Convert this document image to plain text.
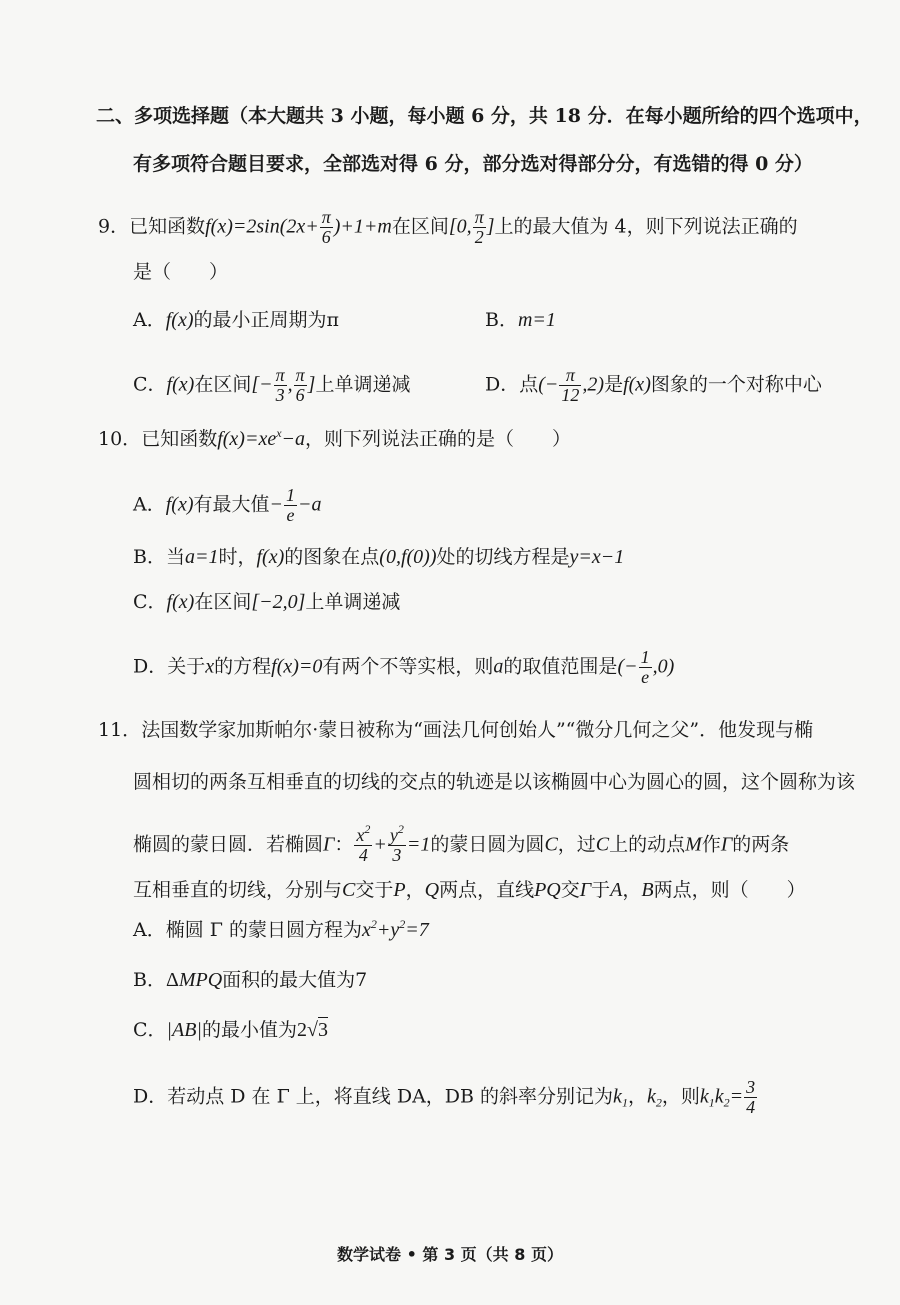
二、多项选择题（本大题共 3 小题，每小题 6 分，共 18 分．在每小题所给的四个选项中，
有多项符合题目要求，全部选对得 6 分，部分选对得部分分，有选错的得 0 分）
9．已知函数$f(x)=2\sin(2x+ \frac{\pi}{6} )+1+m$在区间[0, $\frac{\pi}{2}$ ]上的最大值为 4，则下列说法正确的
是（　　）
A．f(x)的最小正周期为π	B．m=1
C．f(x)在区间[− $\frac{\pi}{3}$ , $\frac{\pi}{6}$ ]上单调递减	D．点(− $\frac{\pi}{12} ,2$)是f(x)图象的一个对称中心
10．已知函数$f(x)=xe^x-a$，则下列说法正确的是（　　）
A．f(x)有最大值− $\frac{1}{e} -a$
B．当a=1时，f(x)的图象在点(0,f(0))处的切线方程是y=x−1
C．f(x)在区间[−2,0]上单调递减
D．关于x的方程f(x)=0有两个不等实根，则a的取值范围是(− $\frac{1}{e} ,0$)
11．法国数学家加斯帕尔·蒙日被称为“画法几何创始人”“微分几何之父”．他发现与椭
圆相切的两条互相垂直的切线的交点的轨迹是以该椭圆中心为圆心的圆，这个圆称为该
椭圆的蒙日圆．若椭圆Γ： $\frac{x^2}{4} + \frac{y^2}{3} =1$的蒙日圆为圆C，过C上的动点M作Γ的两条
互相垂直的切线，分别与C交于P，Q两点，直线PQ交Γ于A，B两点，则（　　）
A．椭圆 Γ 的蒙日圆方程为$x^2+y^2=7$
B．ΔMPQ面积的最大值为7
C．|AB|的最小值为2√3
D．若动点 D 在 Γ 上，将直线 DA，DB 的斜率分别记为$k_1$，$k_2$，则$k_1k_2= \frac{3}{4}$
数学试卷 • 第 3 页（共 8 页）
